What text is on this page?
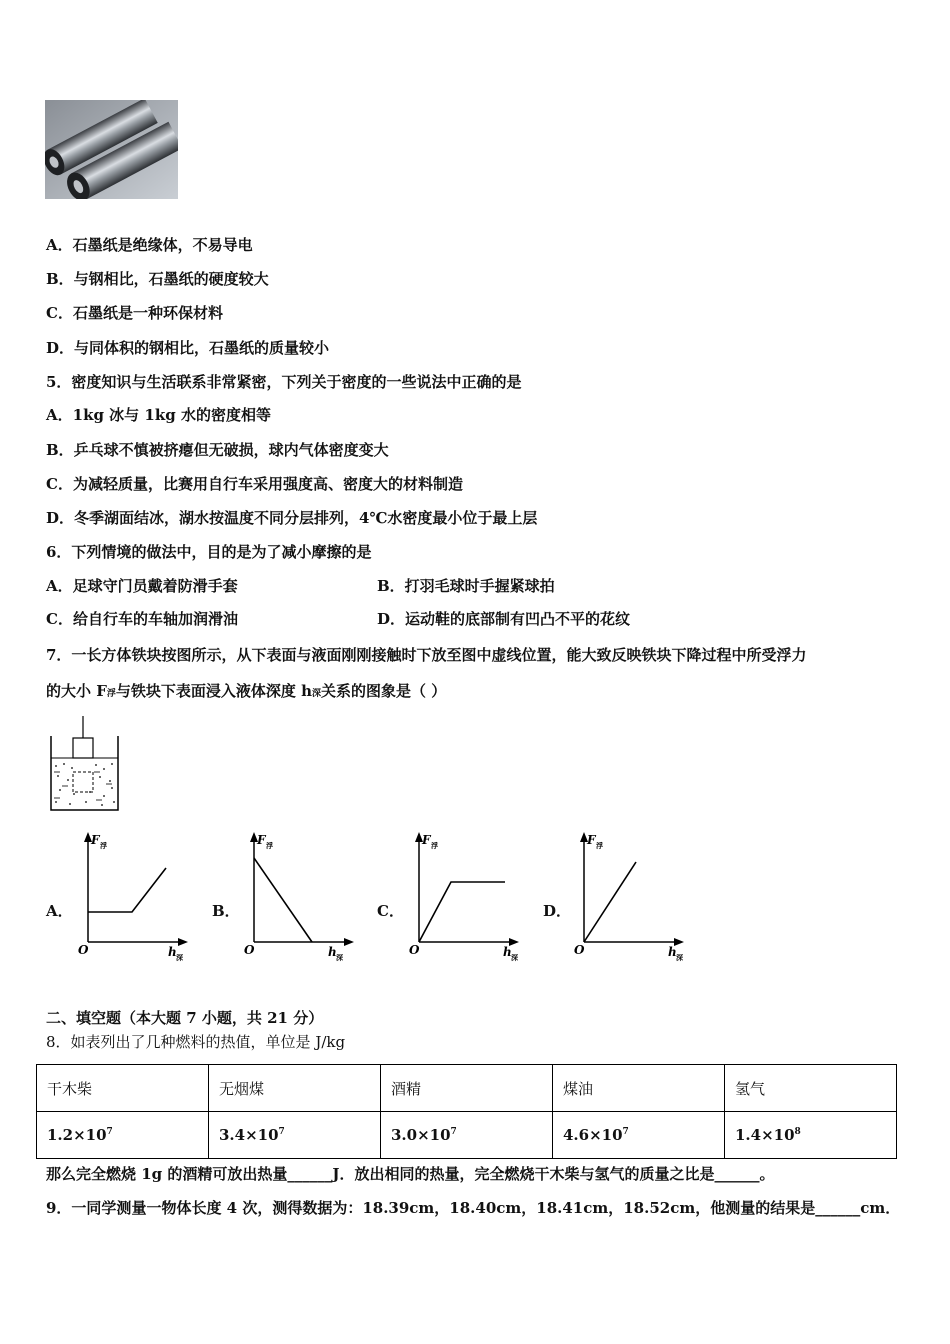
A．石墨纸是绝缘体，不易导电
B．与钢相比，石墨纸的硬度较大
C．石墨纸是一种环保材料
D．与同体积的钢相比，石墨纸的质量较小
5．密度知识与生活联系非常紧密，下列关于密度的一些说法中正确的是
A．1kg 冰与 1kg 水的密度相等
B．乒乓球不慎被挤瘪但无破损，球内气体密度变大
C．为减轻质量，比赛用自行车采用强度高、密度大的材料制造
D．冬季湖面结冰，湖水按温度不同分层排列，4℃水密度最小位于最上层
6．下列情境的做法中，目的是为了减小摩擦的是
A．足球守门员戴着防滑手套	B．打羽毛球时手握紧球拍
C．给自行车的车轴加润滑油	D．运动鞋的底部制有凹凸不平的花纹
7．一长方体铁块按图所示，从下表面与液面刚刚接触时下放至图中虚线位置，能大致反映铁块下降过程中所受浮力
的大小 F浮与铁块下表面浸入液体深度 h深关系的图象是（ ）
A．
F 浮
O	h 深
B．
F 浮
O	h 深
C．
F 浮
O	h 深
D．
F 浮
O	h 深
二、填空题（本大题 7 小题，共 21 分）
8．如表列出了几种燃料的热值，单位是 J/kg
干木柴	无烟煤	酒精	煤油	氢气
$1.2\times 10^7$	$3.4\times 10^7$	$3.0\times 10^7$	$4.6\times 10^7$	$1.4\times 10^8$
那么完全燃烧 1g 的酒精可放出热量______J．放出相同的热量，完全燃烧干木柴与氢气的质量之比是______。
9．一同学测量一物体长度 4 次，测得数据为：18.39cm，18.40cm，18.41cm，18.52cm，他测量的结果是______cm．
